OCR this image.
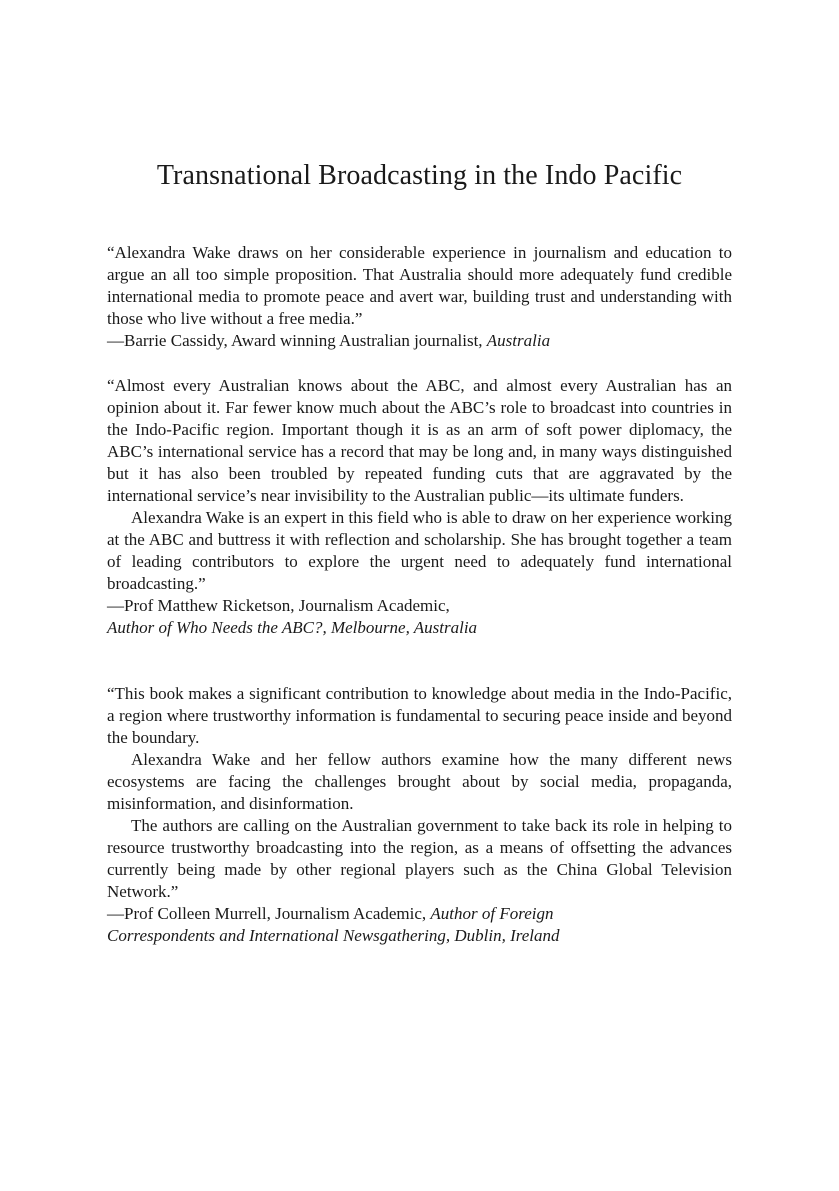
Transnational Broadcasting in the Indo Pacific

“Alexandra Wake draws on her considerable experience in journalism and education to argue an all too simple proposition. That Australia should more adequately fund credible international media to promote peace and avert war, building trust and understanding with those who live without a free media.”

—Barrie Cassidy, Award winning Australian journalist, Australia

“Almost every Australian knows about the ABC, and almost every Australian has an opinion about it. Far fewer know much about the ABC’s role to broadcast into countries in the Indo-Pacific region. Important though it is as an arm of soft power diplomacy, the ABC’s international service has a record that may be long and, in many ways distinguished but it has also been troubled by repeated funding cuts that are aggravated by the international service’s near invisibility to the Australian public—its ultimate funders.

Alexandra Wake is an expert in this field who is able to draw on her experience working at the ABC and buttress it with reflection and scholarship. She has brought together a team of leading contributors to explore the urgent need to adequately fund international broadcasting.”

—Prof Matthew Ricketson, Journalism Academic,

Author of Who Needs the ABC?, Melbourne, Australia

“This book makes a significant contribution to knowledge about media in the Indo-Pacific, a region where trustworthy information is fundamental to securing peace inside and beyond the boundary.

Alexandra Wake and her fellow authors examine how the many different news ecosystems are facing the challenges brought about by social media, propaganda, misinformation, and disinformation.

The authors are calling on the Australian government to take back its role in helping to resource trustworthy broadcasting into the region, as a means of offsetting the advances currently being made by other regional players such as the China Global Television Network.”

—Prof Colleen Murrell, Journalism Academic, Author of Foreign

Correspondents and International Newsgathering, Dublin, Ireland
